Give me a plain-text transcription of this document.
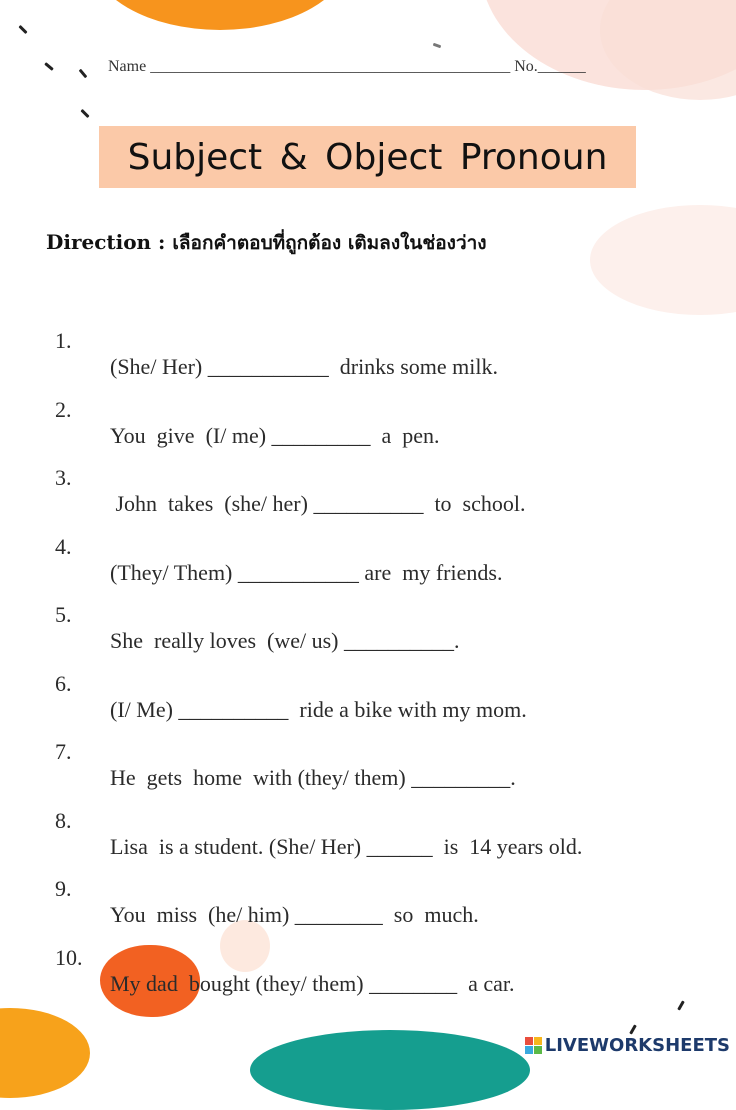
Name _____________________________________________ No.______
Subject & Object Pronoun
Direction : เลือกคำตอบที่ถูกต้อง เติมลงในช่องว่าง

1.

(She/ Her) ___________  drinks some milk.

2.

You  give  (I/ me) _________  a  pen.

3.

John  takes  (she/ her) __________  to  school.

4.

(They/ Them) ___________ are  my friends.

5.

She  really loves  (we/ us) __________.

6.

(I/ Me) __________  ride a bike with my mom.

7.

He  gets  home  with (they/ them) _________.

8.

Lisa  is a student. (She/ Her) ______  is  14 years old.

9.

You  miss  (he/ him) ________  so  much.

10.

My dad  bought (they/ them) ________  a car.

LIVEWORKSHEETS
